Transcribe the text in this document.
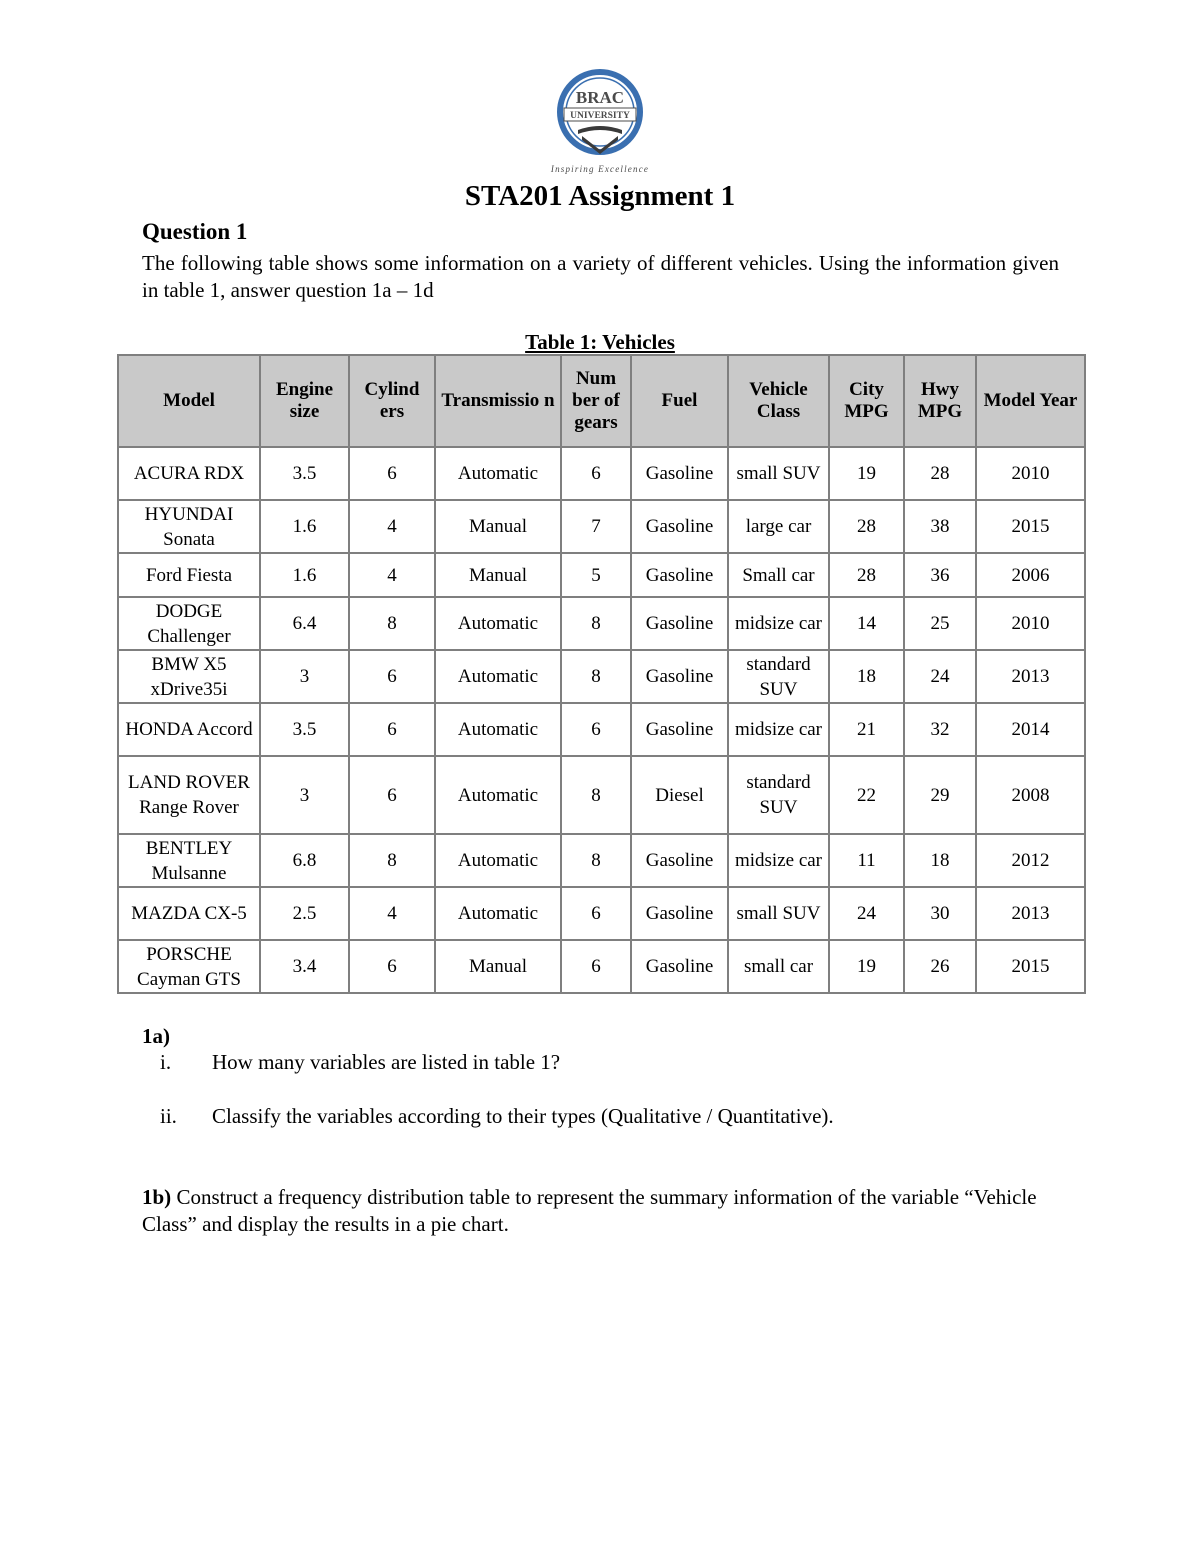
BRAC
UNIVERSITY
Inspiring Excellence
STA201 Assignment 1
Question 1

The following table shows some information on a variety of different vehicles. Using the information given in table 1, answer question 1a – 1d

Table 1: Vehicles

Model	Engine size	Cylind ers	Transmissio n	Num ber of gears	Fuel	Vehicle Class	City MPG	Hwy MPG	Model Year
ACURA RDX	3.5	6	Automatic	6	Gasoline	small SUV	19	28	2010
HYUNDAI Sonata	1.6	4	Manual	7	Gasoline	large car	28	38	2015
Ford Fiesta	1.6	4	Manual	5	Gasoline	Small car	28	36	2006
DODGE Challenger	6.4	8	Automatic	8	Gasoline	midsize car	14	25	2010
BMW X5 xDrive35i	3	6	Automatic	8	Gasoline	standard SUV	18	24	2013
HONDA Accord	3.5	6	Automatic	6	Gasoline	midsize car	21	32	2014
LAND ROVER Range Rover	3	6	Automatic	8	Diesel	standard SUV	22	29	2008
BENTLEY Mulsanne	6.8	8	Automatic	8	Gasoline	midsize car	11	18	2012
MAZDA CX-5	2.5	4	Automatic	6	Gasoline	small SUV	24	30	2013
PORSCHE Cayman GTS	3.4	6	Manual	6	Gasoline	small car	19	26	2015

1a)

i. How many variables are listed in table 1?

ii. Classify the variables according to their types (Qualitative / Quantitative).

1b) Construct a frequency distribution table to represent the summary information of the variable “Vehicle Class” and display the results in a pie chart.
